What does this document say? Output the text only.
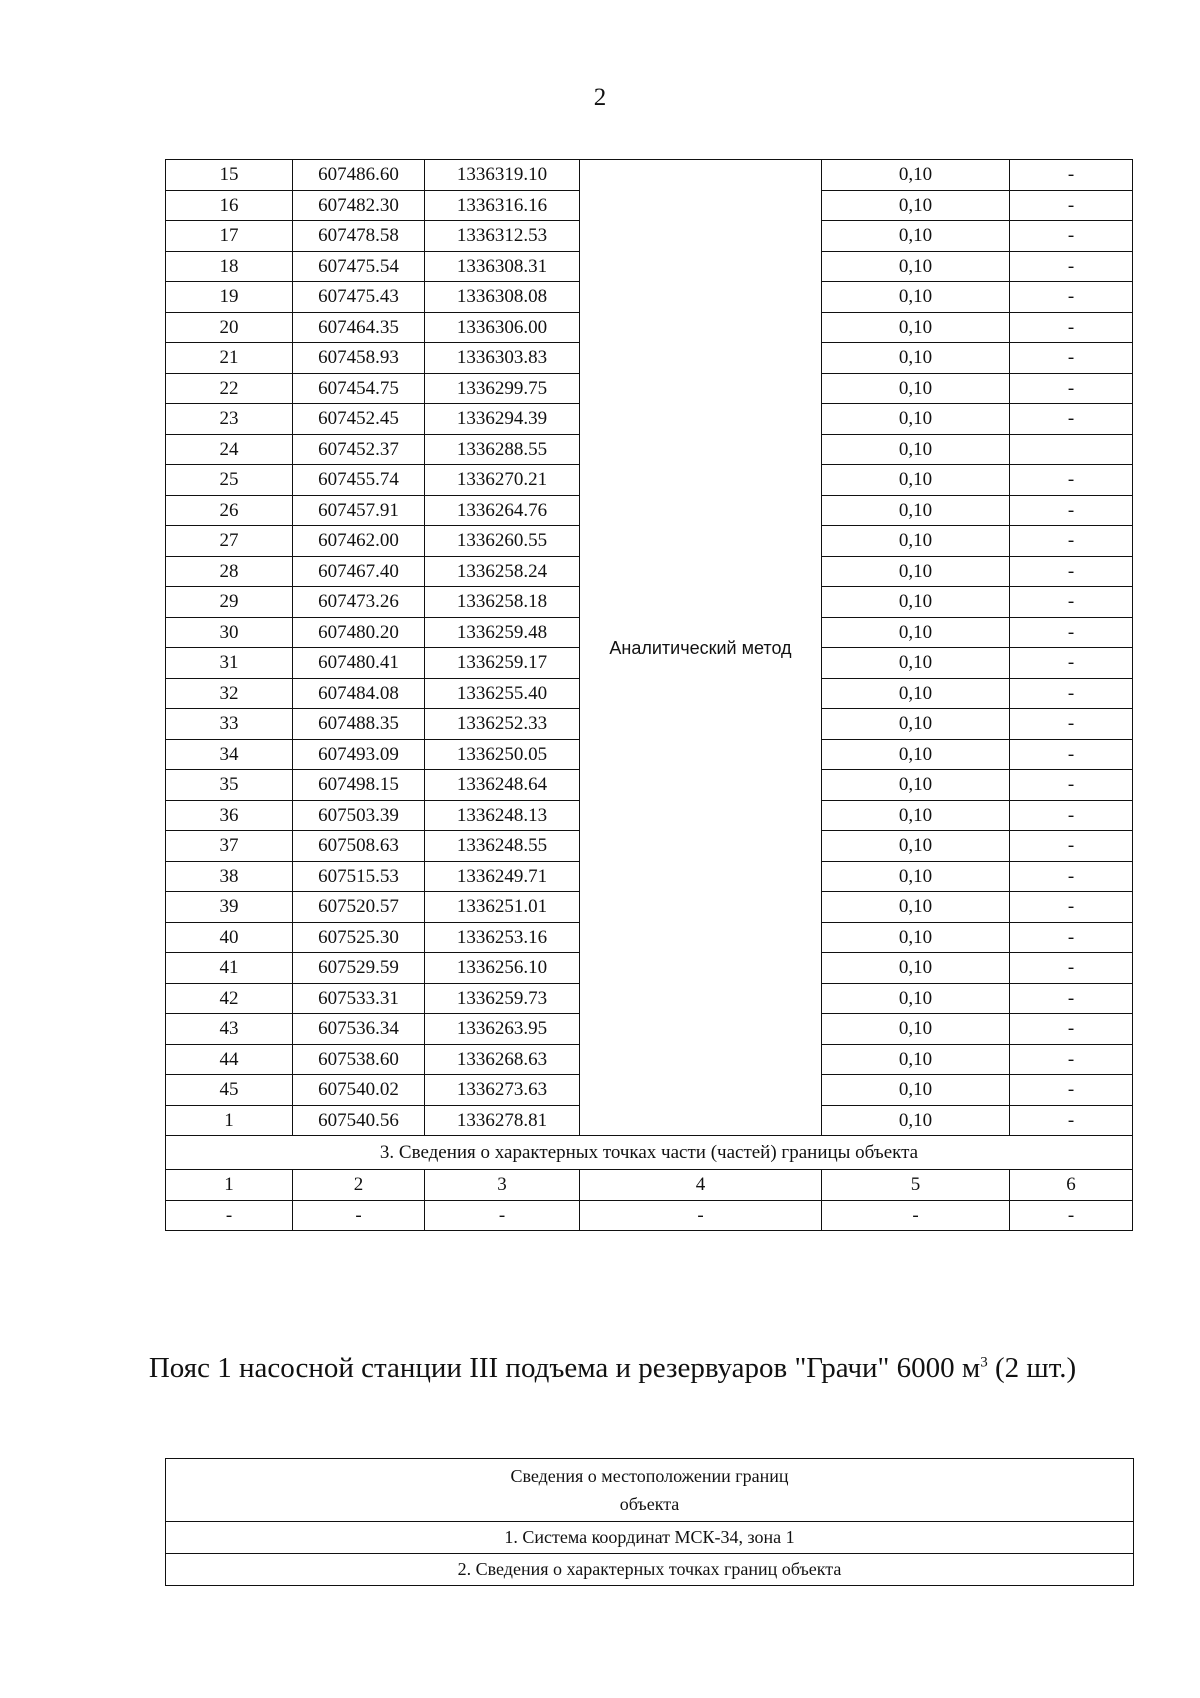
2
15	607486.60	1336319.10	Аналитический метод	0,10	-
16	607482.30	1336316.16		0,10	-
17	607478.58	1336312.53		0,10	-
18	607475.54	1336308.31		0,10	-
19	607475.43	1336308.08		0,10	-
20	607464.35	1336306.00		0,10	-
21	607458.93	1336303.83		0,10	-
22	607454.75	1336299.75		0,10	-
23	607452.45	1336294.39		0,10	-
24	607452.37	1336288.55		0,10	
25	607455.74	1336270.21		0,10	-
26	607457.91	1336264.76		0,10	-
27	607462.00	1336260.55		0,10	-
28	607467.40	1336258.24		0,10	-
29	607473.26	1336258.18		0,10	-
30	607480.20	1336259.48		0,10	-
31	607480.41	1336259.17		0,10	-
32	607484.08	1336255.40		0,10	-
33	607488.35	1336252.33		0,10	-
34	607493.09	1336250.05		0,10	-
35	607498.15	1336248.64		0,10	-
36	607503.39	1336248.13		0,10	-
37	607508.63	1336248.55		0,10	-
38	607515.53	1336249.71		0,10	-
39	607520.57	1336251.01		0,10	-
40	607525.30	1336253.16		0,10	-
41	607529.59	1336256.10		0,10	-
42	607533.31	1336259.73		0,10	-
43	607536.34	1336263.95		0,10	-
44	607538.60	1336268.63		0,10	-
45	607540.02	1336273.63		0,10	-
1	607540.56	1336278.81		0,10	-
3. Сведения о характерных точках части (частей) границы объекта					
1	2	3	4	5	6
-	-	-	-	-	-
Пояс 1 насосной станции III подъема и резервуаров "Грачи" 6000 $м^3$ (2 шт.)
Сведения о местоположении границ
объекта

1. Система координат МСК-34, зона 1
2. Сведения о характерных точках границ объекта
